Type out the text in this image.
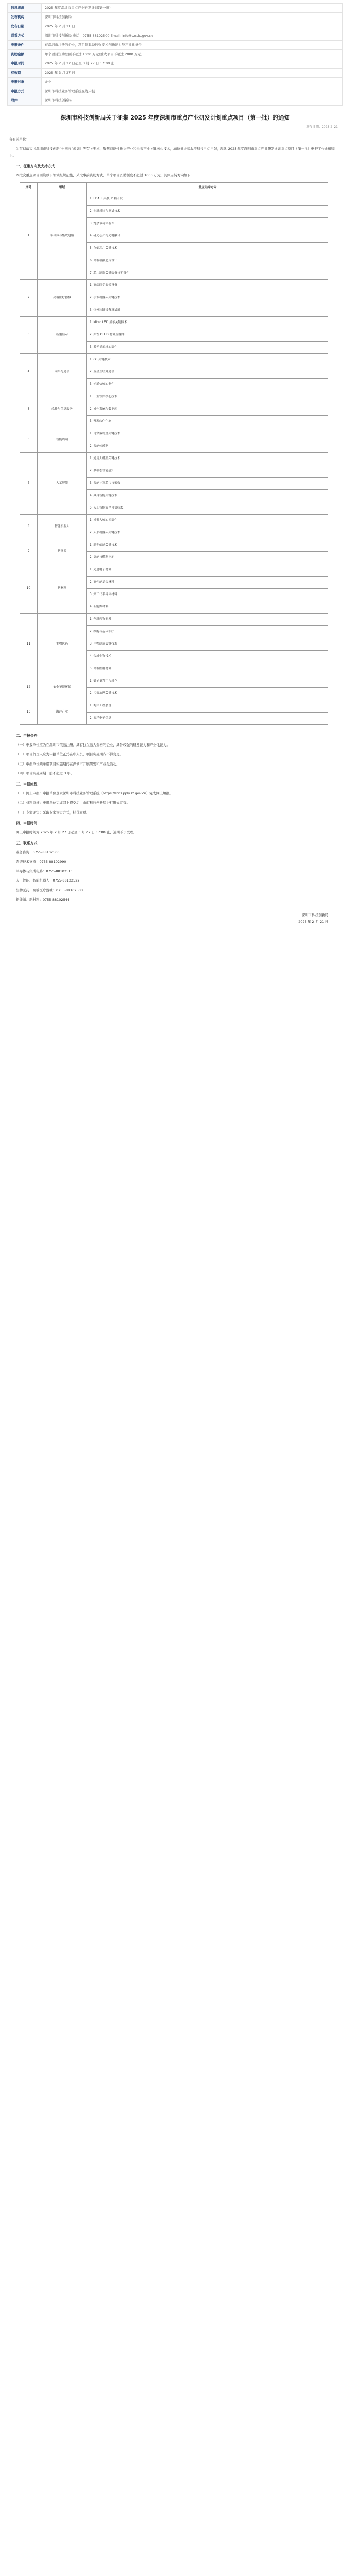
信息来源	2025 年度深圳市重点产业研发计划(第一批)
发布机构	深圳市科技创新局
发布日期	2025 年 2 月 21 日
联系方式	深圳市科技创新局 电话：0755-88102500 Email: info@szstic.gov.cn
申报条件	在深圳市注册的企业，项目须具备较强技术创新能力及产业化条件
资助金额	单个项目资助总额不超过 1000 万元(重大项目不超过 2000 万元)
申报时间	2025 年 2 月 27 日起至 3 月 27 日 17:00 止
有效期	2025 年 3 月 27 日
申报对象	企业
申报方式	深圳市科技业务管理系统在线申报
附件	深圳市科技创新局
深圳市科技创新局关于征集 2025 年度深圳市重点产业研发计划重点项目（第一批）的通知
发布日期：2025-2-21
各有关单位：

为贯彻落实《深圳市科技创新“十四五”规划》等有关要求，聚焦战略性新兴产业和未来产业关键核心技术，加快推进高水平科技自立自强，现就 2025 年度深圳市重点产业研发计划重点项目（第一批）申报工作通知如下。

一、征集方向及支持方式

本批次重点项目围绕以下领域组织征集，采取事前资助方式，单个项目资助额度不超过 1000 万元，具体支持方向如下：

序号	领域	重点支持方向
1	半导体与集成电路	1. EDA 工具及 IP 核开发
		2. 先进封装与测试技术
		3. 宽禁带功率器件
		4. 硅光芯片与光电融合
		5. 存储芯片关键技术
		6. 高端模拟芯片设计
		7. 芯片制造关键装备与零部件
2	高端医疗器械	1. 高端医学影像设备
		2. 手术机器人关键技术
		3. 体外诊断设备及试剂
3	新型显示	1. Micro LED 显示关键技术
		2. 柔性 OLED 材料及器件
		3. 激光显示核心部件
4	网络与通信	1. 6G 关键技术
		2. 卫星互联网通信
		3. 光通信核心器件
5	软件与信息服务	1. 工业软件核心技术
		2. 操作系统与数据库
		3. 开源软件生态
6	智能终端	1. 可穿戴设备关键技术
		2. 智能传感器
7	人工智能	1. 通用大模型关键技术
		2. 多模态智能感知
		3. 智能计算芯片与架构
		4. 具身智能关键技术
		5. 人工智能安全可信技术
8	智能机器人	1. 机器人核心零部件
		2. 人形机器人关键技术
9	新能源	1. 新型储能关键技术
		2. 氢能与燃料电池
10	新材料	1. 先进电子材料
		2. 高性能复合材料
		3. 第三代半导体材料
		4. 新能源材料
11	生物医药	1. 创新药物研发
		2. 细胞与基因治疗
		3. 生物制造关键技术
		4. 合成生物技术
		5. 高端医用材料
12	安全节能环保	1. 碳捕集利用与封存
		2. 污染治理关键技术
13	海洋产业	1. 海洋工程装备
		2. 海洋电子信息

二、申报条件

（一）申报单位应为在深圳市依法注册、具有独立法人资格的企业，具备较强的研发能力和产业化能力。

（二）项目负责人应为申报单位正式在职人员，项目实施期内不得变更。

（三）申报单位须承诺项目实施期间在深圳市开展研发和产业化活动。

（四）项目实施周期一般不超过 3 年。

三、申报流程

（一）网上申报：申报单位登录深圳市科技业务管理系统（https://sticapply.sz.gov.cn）完成网上填报。

（二）材料审核：申报单位完成网上提交后，由市科技创新局进行形式审查。

（三）专家评审：采取专家评审方式，择优立项。

四、申报时间

网上申报时间为 2025 年 2 月 27 日起至 3 月 27 日 17:00 止，逾期不予受理。

五、联系方式

业务咨询：0755-88102500

系统技术支持：0755-88102990

半导体与集成电路：0755-88102511

人工智能、智能机器人：0755-88102522

生物医药、高端医疗器械：0755-88102533

新能源、新材料：0755-88102544

深圳市科技创新局
2025 年 2 月 21 日
